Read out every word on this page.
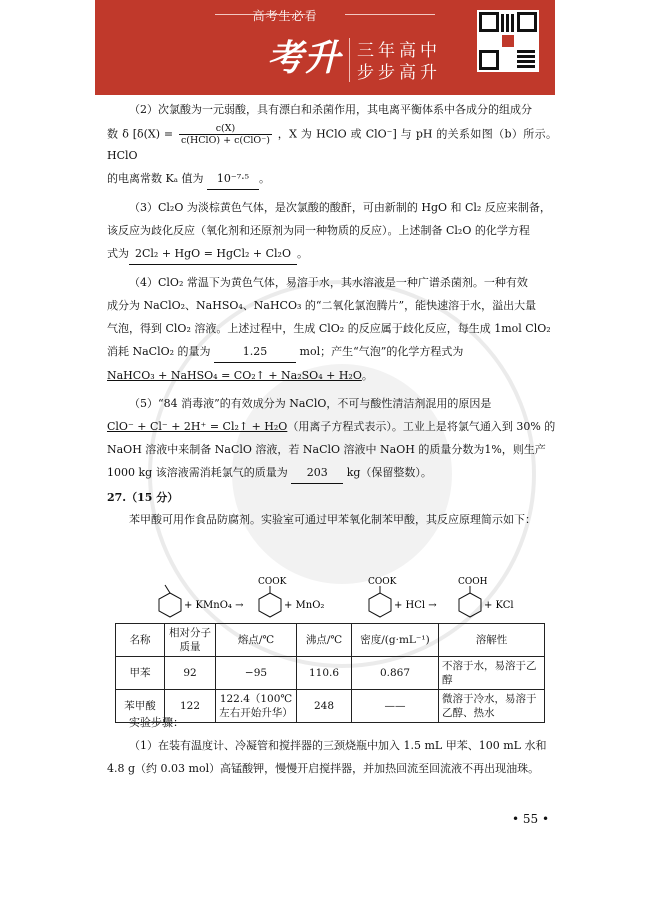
高考生必看
考升 三年高中
步步高升

（2）次氯酸为一元弱酸，具有漂白和杀菌作用，其电离平衡体系中各成分的组成分

数 δ [$\delta(X) = \frac{c(X)}{\text{c(HClO) + c(ClO⁻)}}$ ，X 为 HClO 或 ClO⁻] 与 pH 的关系如图（b）所示。HClO

的电离常数 Kₐ 值为 10⁻⁷·⁵ 。

（3）Cl₂O 为淡棕黄色气体，是次氯酸的酸酐，可由新制的 HgO 和 Cl₂ 反应来制备，

该反应为歧化反应（氧化剂和还原剂为同一种物质的反应）。上述制备 Cl₂O 的化学方程

式为 2Cl₂ + HgO = HgCl₂ + Cl₂O 。

（4）ClO₂ 常温下为黄色气体，易溶于水，其水溶液是一种广谱杀菌剂。一种有效

成分为 NaClO₂、NaHSO₄、NaHCO₃ 的“二氧化氯泡腾片”，能快速溶于水，溢出大量

气泡，得到 ClO₂ 溶液。上述过程中，生成 ClO₂ 的反应属于歧化反应，每生成 1mol ClO₂

消耗 NaClO₂ 的量为	1.25	mol；产生“气泡”的化学方程式为

NaHCO₃ + NaHSO₄ = CO₂↑ + Na₂SO₄ + H₂O。

（5）“84 消毒液”的有效成分为 NaClO，不可与酸性清洁剂混用的原因是

ClO⁻ + Cl⁻ + 2H⁺ = Cl₂↑ + H₂O（用离子方程式表示）。工业上是将氯气通入到 30% 的

NaOH 溶液中来制备 NaClO 溶液，若 NaClO 溶液中 NaOH 的质量分数为1%，则生产

1000 kg 该溶液需消耗氯气的质量为 203 kg（保留整数）。

27.（15 分）

苯甲酸可用作食品防腐剂。实验室可通过甲苯氧化制苯甲酸，其反应原理简示如下：

+ KMnO₄ →
COOK
+ MnO₂
COOK
+ HCl →
COOH
+ KCl
名称	相对分子质量	熔点/℃	沸点/℃	密度/(g·mL⁻¹)	溶解性
甲苯	92	−95	110.6	0.867	不溶于水，易溶于乙醇
苯甲酸	122	122.4（100℃左右开始升华）	248	——	微溶于冷水，易溶于乙醇、热水

实验步骤：

（1）在装有温度计、冷凝管和搅拌器的三颈烧瓶中加入 1.5 mL 甲苯、100 mL 水和

4.8 g（约 0.03 mol）高锰酸钾，慢慢开启搅拌器，并加热回流至回流液不再出现油珠。

• 55 •
